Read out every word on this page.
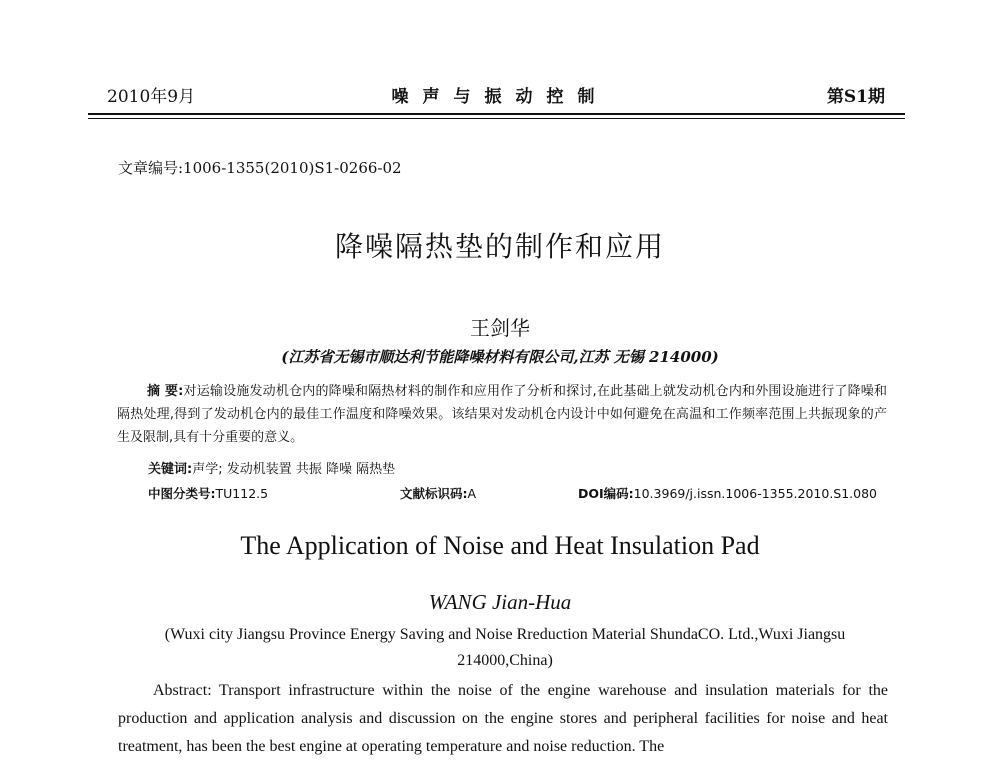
2010年9月	噪声与振动控制	第S1期
文章编号:1006-1355(2010)S1-0266-02
降噪隔热垫的制作和应用
王剑华
(江苏省无锡市顺达利节能降噪材料有限公司,江苏 无锡 214000)
摘 要:对运输设施发动机仓内的降噪和隔热材料的制作和应用作了分析和探讨,在此基础上就发动机仓内和外围设施进行了降噪和隔热处理,得到了发动机仓内的最佳工作温度和降噪效果。该结果对发动机仓内设计中如何避免在高温和工作频率范围上共振现象的产生及限制,具有十分重要的意义。
关键词:声学; 发动机装置 共振 降噪 隔热垫
中图分类号:TU112.5	文献标识码:A	DOI编码:10.3969/j.issn.1006-1355.2010.S1.080
The Application of Noise and Heat Insulation Pad
WANG Jian-Hua
(Wuxi city Jiangsu Province Energy Saving and Noise Rreduction Material ShundaCO. Ltd.,Wuxi Jiangsu 214000,China)
Abstract: Transport infrastructure within the noise of the engine warehouse and insulation materials for the production and application analysis and discussion on the engine stores and peripheral facilities for noise and heat treatment, has been the best engine at operating temperature and noise reduction. The
